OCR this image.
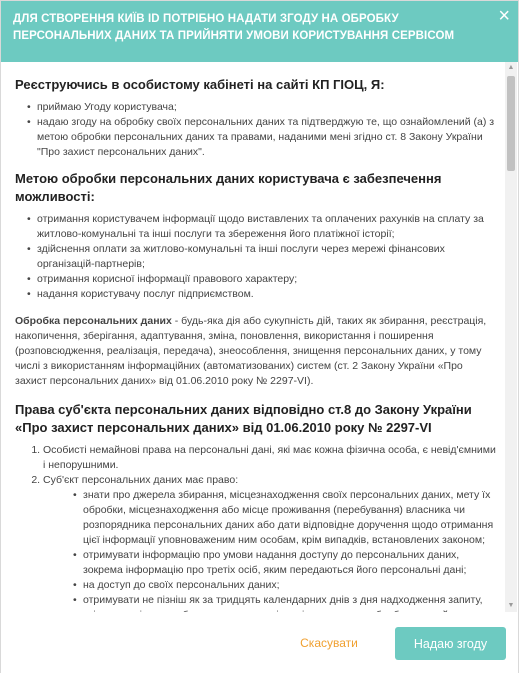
ДЛЯ СТВОРЕННЯ КИЇВ ID ПОТРІБНО НАДАТИ ЗГОДУ НА ОБРОБКУ ПЕРСОНАЛЬНИХ ДАНИХ ТА ПРИЙНЯТИ УМОВИ КОРИСТУВАННЯ СЕРВІСОМ
×
Реєструючись в особистому кабінеті на сайті КП ГІОЦ, Я:
• приймаю Угоду користувача;
• надаю згоду на обробку своїх персональних даних та підтверджую те, що ознайомлений (а) з метою обробки персональних даних та правами, наданими мені згідно ст. 8 Закону України "Про захист персональних даних".
Метою обробки персональних даних користувача є забезпечення можливості:
• отримання користувачем інформації щодо виставлених та оплачених рахунків на сплату за житлово-комунальні та інші послуги та збереження його платіжної історії;
• здійснення оплати за житлово-комунальні та інші послуги через мережі фінансових організацій-партнерів;
• отримання корисної інформації правового характеру;
• надання користувачу послуг підприємством.

Обробка персональних даних - будь-яка дія або сукупність дій, таких як збирання, реєстрація, накопичення, зберігання, адаптування, зміна, поновлення, використання і поширення (розповсюдження, реалізація, передача), знеособлення, знищення персональних даних, у тому числі з використанням інформаційних (автоматизованих) систем (ст. 2 Закону України «Про захист персональних даних» від 01.06.2010 року № 2297-VI).

Права суб'єкта персональних даних відповідно ст.8 до Закону України «Про захист персональних даних» від 01.06.2010 року № 2297-VI
1. Особисті немайнові права на персональні дані, які має кожна фізична особа, є невід'ємними і непорушними.
2. Суб'єкт персональних даних має право:
• знати про джерела збирання, місцезнаходження своїх персональних даних, мету їх обробки, місцезнаходження або місце проживання (перебування) власника чи розпорядника персональних даних або дати відповідне доручення щодо отримання цієї інформації уповноваженим ним особам, крім випадків, встановлених законом;
• отримувати інформацію про умови надання доступу до персональних даних, зокрема інформацію про третіх осіб, яким передаються його персональні дані;
• на доступ до своїх персональних даних;
• отримувати не пізніш як за тридцять календарних днів з дня надходження запиту,
▲
▼
Скасувати	Надаю згоду
